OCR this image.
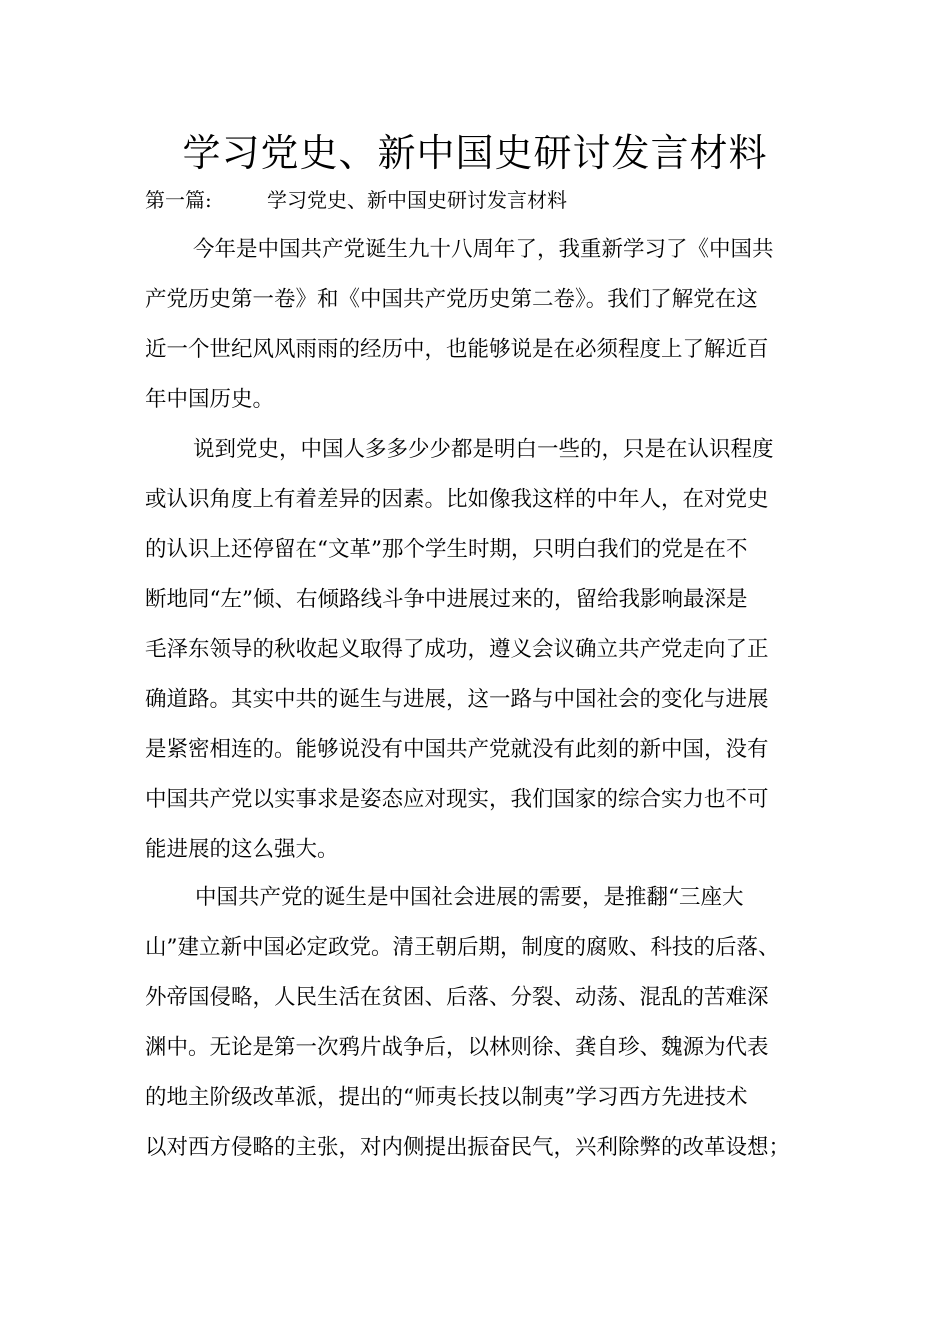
学习党史、新中国史研讨发言材料
第一篇:	学习党史、新中国史研讨发言材料
今年是中国共产党诞生九十八周年了，我重新学习了《中国共
产党历史第一卷》和《中国共产党历史第二卷》。我们了解党在这
近一个世纪风风雨雨的经历中，也能够说是在必须程度上了解近百
年中国历史。
说到党史，中国人多多少少都是明白一些的，只是在认识程度
或认识角度上有着差异的因素。比如像我这样的中年人，在对党史
的认识上还停留在“文革”那个学生时期，只明白我们的党是在不
断地同“左”倾、右倾路线斗争中进展过来的，留给我影响最深是
毛泽东领导的秋收起义取得了成功，遵义会议确立共产党走向了正
确道路。其实中共的诞生与进展，这一路与中国社会的变化与进展
是紧密相连的。能够说没有中国共产党就没有此刻的新中国，没有
中国共产党以实事求是姿态应对现实，我们国家的综合实力也不可
能进展的这么强大。
中国共产党的诞生是中国社会进展的需要，是推翻“三座大
山”建立新中国必定政党。清王朝后期，制度的腐败、科技的后落、
外帝国侵略，人民生活在贫困、后落、分裂、动荡、混乱的苦难深
渊中。无论是第一次鸦片战争后，以林则徐、龚自珍、魏源为代表
的地主阶级改革派，提出的“师夷长技以制夷”学习西方先进技术
以对西方侵略的主张，对内侧提出振奋民气，兴利除弊的改革设想；
